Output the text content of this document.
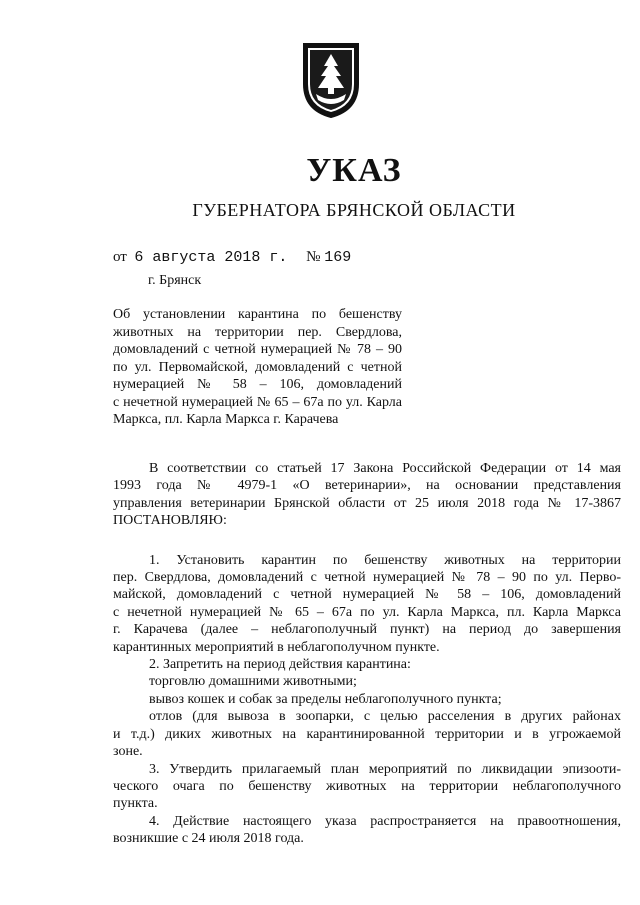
УКАЗ
ГУБЕРНАТОРА БРЯНСКОЙ ОБЛАСТИ
от 6 августа 2018 г. № 169
г. Брянск
Об установлении карантина по бешенству
животных на территории пер. Свердлова,
домовладений с четной нумерацией № 78 – 90
по ул. Первомайской, домовладений с четной
нумерацией № 58 – 106, домовладений
с нечетной нумерацией № 65 – 67а по ул. Карла
Маркса, пл. Карла Маркса г. Карачева
В соответствии со статьей 17 Закона Российской Федерации от 14 мая
1993 года № 4979-1 «О ветеринарии», на основании представления
управления ветеринарии Брянской области от 25 июля 2018 года № 17-3867
ПОСТАНОВЛЯЮ:
1. Установить карантин по бешенству животных на территории
пер. Свердлова, домовладений с четной нумерацией № 78 – 90 по ул. Перво-
майской, домовладений с четной нумерацией № 58 – 106, домовладений
с нечетной нумерацией № 65 – 67а по ул. Карла Маркса, пл. Карла Маркса
г. Карачева (далее – неблагополучный пункт) на период до завершения
карантинных мероприятий в неблагополучном пункте.
2. Запретить на период действия карантина:
торговлю домашними животными;
вывоз кошек и собак за пределы неблагополучного пункта;
отлов (для вывоза в зоопарки, с целью расселения в других районах
и т.д.) диких животных на карантинированной территории и в угрожаемой
зоне.
3. Утвердить прилагаемый план мероприятий по ликвидации эпизооти-
ческого очага по бешенству животных на территории неблагополучного
пункта.
4. Действие настоящего указа распространяется на правоотношения,
возникшие с 24 июля 2018 года.
